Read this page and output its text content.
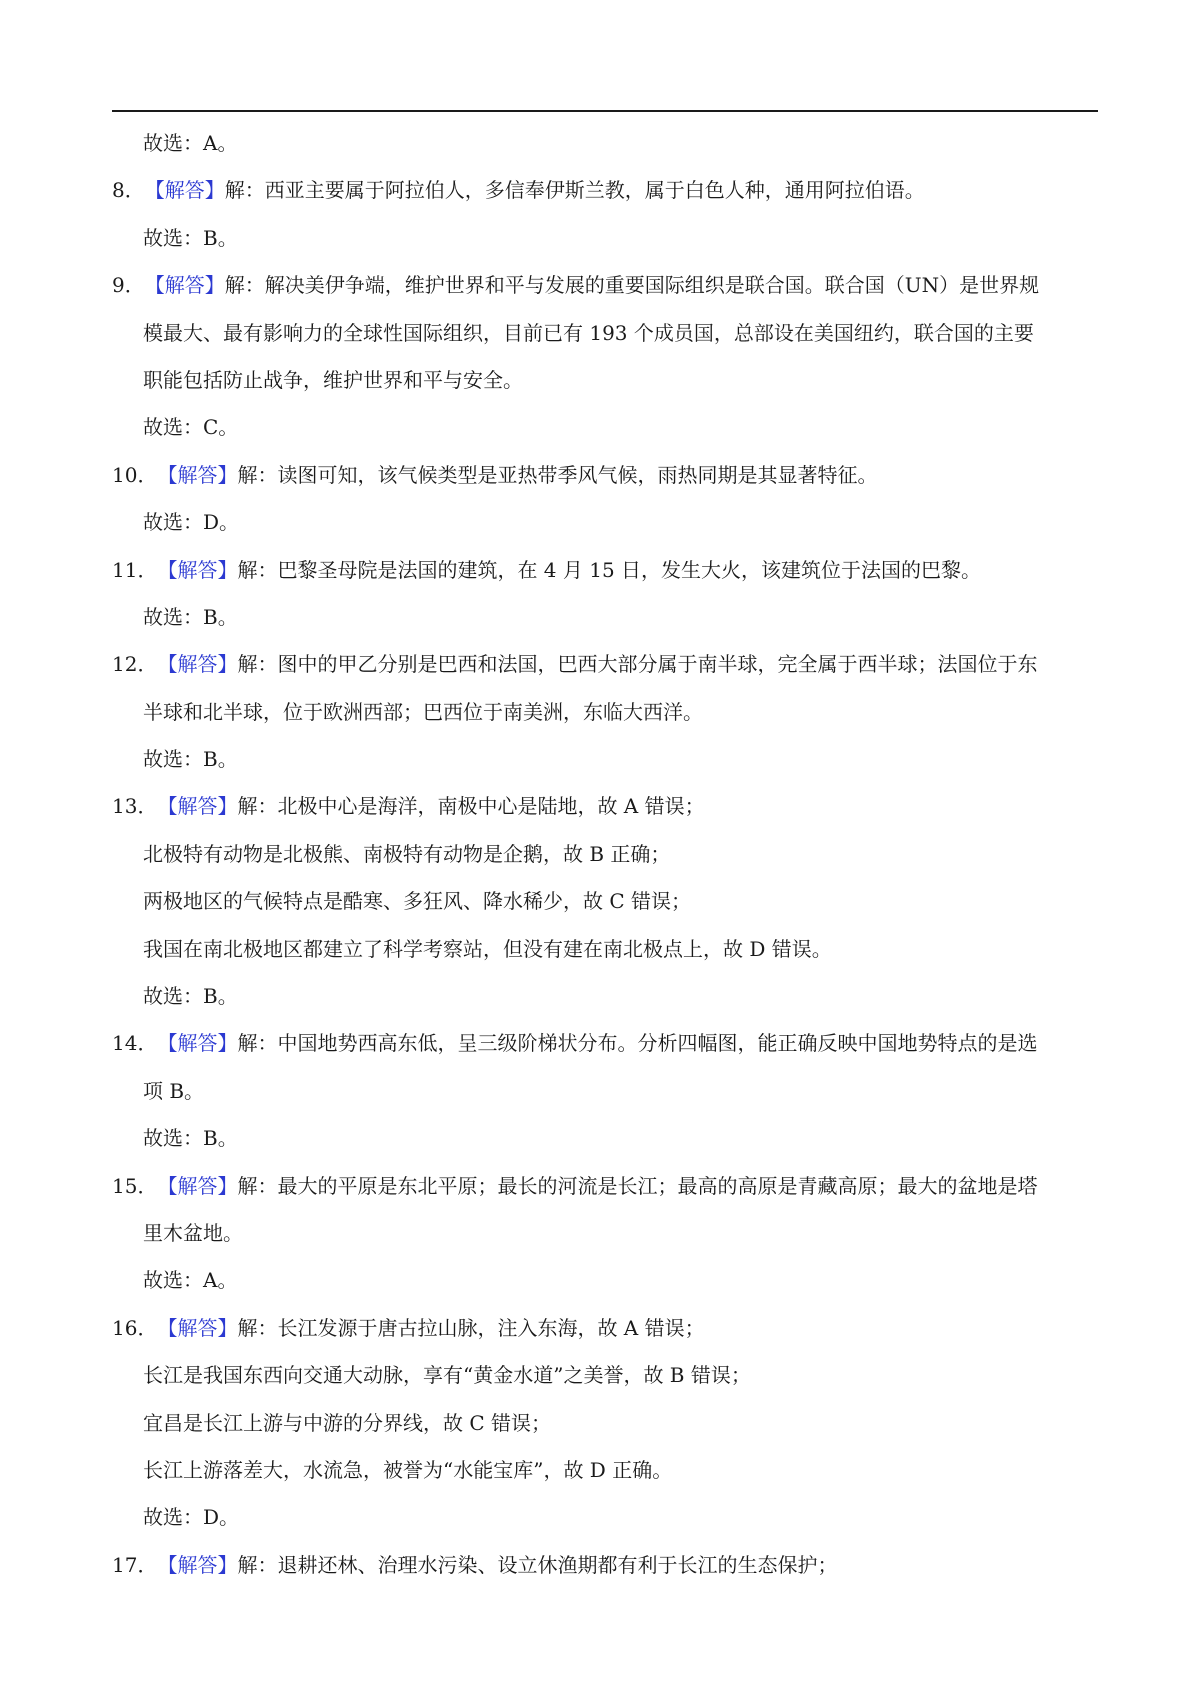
故选：A。
8．【解答】解：西亚主要属于阿拉伯人，多信奉伊斯兰教，属于白色人种，通用阿拉伯语。
故选：B。
9．【解答】解：解决美伊争端，维护世界和平与发展的重要国际组织是联合国。联合国（UN）是世界规
模最大、最有影响力的全球性国际组织，目前已有 193 个成员国，总部设在美国纽约，联合国的主要
职能包括防止战争，维护世界和平与安全。
故选：C。
10．【解答】解：读图可知，该气候类型是亚热带季风气候，雨热同期是其显著特征。
故选：D。
11．【解答】解：巴黎圣母院是法国的建筑，在 4 月 15 日，发生大火，该建筑位于法国的巴黎。
故选：B。
12．【解答】解：图中的甲乙分别是巴西和法国，巴西大部分属于南半球，完全属于西半球；法国位于东
半球和北半球，位于欧洲西部；巴西位于南美洲，东临大西洋。
故选：B。
13．【解答】解：北极中心是海洋，南极中心是陆地，故 A 错误；
北极特有动物是北极熊、南极特有动物是企鹅，故 B 正确；
两极地区的气候特点是酷寒、多狂风、降水稀少，故 C 错误；
我国在南北极地区都建立了科学考察站，但没有建在南北极点上，故 D 错误。
故选：B。
14．【解答】解：中国地势西高东低，呈三级阶梯状分布。分析四幅图，能正确反映中国地势特点的是选
项 B。
故选：B。
15．【解答】解：最大的平原是东北平原；最长的河流是长江；最高的高原是青藏高原；最大的盆地是塔
里木盆地。
故选：A。
16．【解答】解：长江发源于唐古拉山脉，注入东海，故 A 错误；
长江是我国东西向交通大动脉，享有“黄金水道”之美誉，故 B 错误；
宜昌是长江上游与中游的分界线，故 C 错误；
长江上游落差大，水流急，被誉为“水能宝库”，故 D 正确。
故选：D。
17．【解答】解：退耕还林、治理水污染、设立休渔期都有利于长江的生态保护；
